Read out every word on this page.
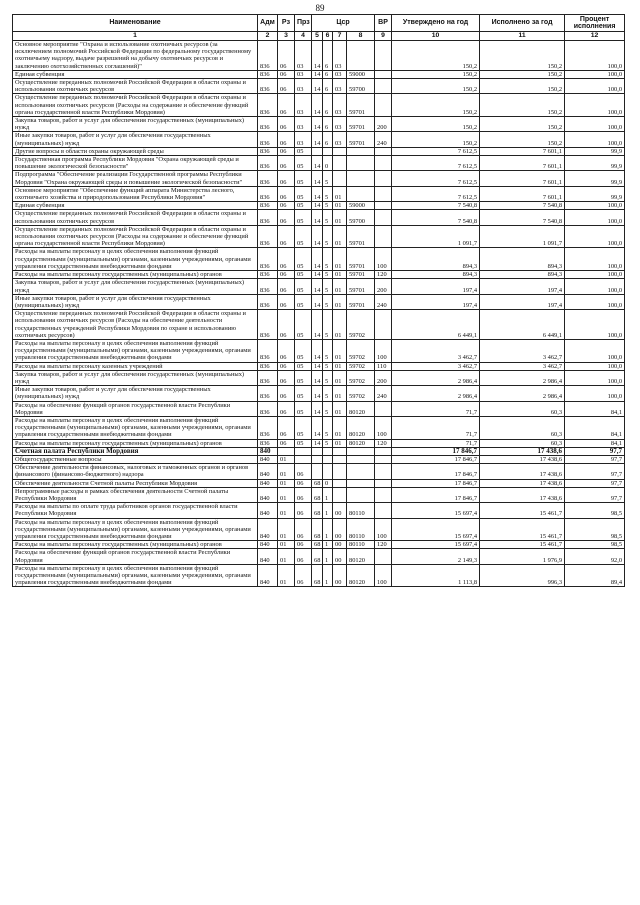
89
Наименование	Адм	Рз	Прз	Цср				ВР	Утверждено на год	Исполнено за год	Процент исполнения
1	2	3	4	5	6	7	8	9	10	11	12
Основное мероприятие "Охрана и использование охотничьих ресурсов (за исключением полномочий Российской Федерации по федеральному государственному охотничьему надзору, выдаче разрешений на добычу охотничьих ресурсов и заключению охотхозяйственных соглашений)"	836	06	03	14	6	03			150,2	150,2	100,0
Единая субвенция	836	06	03	14	6	03	59000		150,2	150,2	100,0
Осуществление переданных полномочий Российской Федерации в области охраны и использования охотничьих ресурсов	836	06	03	14	6	03	59700		150,2	150,2	100,0
Осуществление переданных полномочий Российской Федерации в области охраны и использования охотничьих ресурсов (Расходы на содержание и обеспечение функций органа государственной власти Республики Мордовия)	836	06	03	14	6	03	59701		150,2	150,2	100,0
Закупка товаров, работ и услуг для обеспечения государственных (муниципальных) нужд	836	06	03	14	6	03	59701	200	150,2	150,2	100,0
Иные закупки товаров, работ и услуг для обеспечения государственных (муниципальных) нужд	836	06	03	14	6	03	59701	240	150,2	150,2	100,0
Другие вопросы в области охраны окружающей среды	836	06	05						7 612,5	7 601,1	99,9
Государственная программа Республики Мордовия "Охрана окружающей среды и повышение экологической безопасности"	836	06	05	14	0				7 612,5	7 601,1	99,9
Подпрограмма "Обеспечение реализации Государственной программы Республики Мордовия "Охрана окружающей среды и повышение экологической безопасности"	836	06	05	14	5				7 612,5	7 601,1	99,9
Основное мероприятие "Обеспечение функций аппарата Министерства лесного, охотничьего хозяйства и природопользования Республики Мордовия"	836	06	05	14	5	01			7 612,5	7 601,1	99,9
Единая субвенция	836	06	05	14	5	01	59000		7 540,8	7 540,8	100,0
Осуществление переданных полномочий Российской Федерации в области охраны и использования охотничьих ресурсов	836	06	05	14	5	01	59700		7 540,8	7 540,8	100,0
Осуществление переданных полномочий Российской Федерации в области охраны и использования охотничьих ресурсов (Расходы на содержание и обеспечение функций органа государственной власти Республики Мордовия)	836	06	05	14	5	01	59701		1 091,7	1 091,7	100,0
Расходы на выплаты персоналу в целях обеспечения выполнения функций государственными (муниципальными) органами, казенными учреждениями, органами управления государственными внебюджетными фондами	836	06	05	14	5	01	59701	100	894,3	894,3	100,0
Расходы на выплаты персоналу государственных (муниципальных) органов	836	06	05	14	5	01	59701	120	894,3	894,3	100,0
Закупка товаров, работ и услуг для обеспечения государственных (муниципальных) нужд	836	06	05	14	5	01	59701	200	197,4	197,4	100,0
Иные закупки товаров, работ и услуг для обеспечения государственных (муниципальных) нужд	836	06	05	14	5	01	59701	240	197,4	197,4	100,0
Осуществление переданных полномочий Российской Федерации в области охраны и использования охотничьих ресурсов (Расходы на обеспечение деятельности государственных учреждений Республики Мордовия по охране и использованию охотничьих ресурсов)	836	06	05	14	5	01	59702		6 449,1	6 449,1	100,0
Расходы на выплаты персоналу в целях обеспечения выполнения функций государственными (муниципальными) органами, казенными учреждениями, органами управления государственными внебюджетными фондами	836	06	05	14	5	01	59702	100	3 462,7	3 462,7	100,0
Расходы на выплаты персоналу казенных учреждений	836	06	05	14	5	01	59702	110	3 462,7	3 462,7	100,0
Закупка товаров, работ и услуг для обеспечения государственных (муниципальных) нужд	836	06	05	14	5	01	59702	200	2 986,4	2 986,4	100,0
Иные закупки товаров, работ и услуг для обеспечения государственных (муниципальных) нужд	836	06	05	14	5	01	59702	240	2 986,4	2 986,4	100,0
Расходы на обеспечение функций органов государственной власти Республики Мордовия	836	06	05	14	5	01	80120		71,7	60,3	84,1
Расходы на выплаты персоналу в целях обеспечения выполнения функций государственными (муниципальными) органами, казенными учреждениями, органами управления государственными внебюджетными фондами	836	06	05	14	5	01	80120	100	71,7	60,3	84,1
Расходы на выплаты персоналу государственных (муниципальных) органов	836	06	05	14	5	01	80120	120	71,7	60,3	84,1
Счетная палата Республики Мордовия	840								17 846,7	17 438,6	97,7
Общегосударственные вопросы	840	01							17 846,7	17 438,6	97,7
Обеспечение деятельности финансовых, налоговых и таможенных органов и органов финансового (финансово-бюджетного) надзора	840	01	06						17 846,7	17 438,6	97,7
Обеспечение деятельности Счетной палаты Республики Мордовия	840	01	06	68	0				17 846,7	17 438,6	97,7
Непрограммные расходы в рамках обеспечения деятельности Счетной палаты Республики Мордовия	840	01	06	68	1				17 846,7	17 438,6	97,7
Расходы на выплаты по оплате труда работников органов государственной власти Республики Мордовия	840	01	06	68	1	00	80110		15 697,4	15 461,7	98,5
Расходы на выплаты персоналу в целях обеспечения выполнения функций государственными (муниципальными) органами, казенными учреждениями, органами управления государственными внебюджетными фондами	840	01	06	68	1	00	80110	100	15 697,4	15 461,7	98,5
Расходы на выплаты персоналу государственных (муниципальных) органов	840	01	06	68	1	00	80110	120	15 697,4	15 461,7	98,5
Расходы на обеспечение функций органов государственной власти Республики Мордовия	840	01	06	68	1	00	80120		2 149,3	1 976,9	92,0
Расходы на выплаты персоналу в целях обеспечения выполнения функций государственными (муниципальными) органами, казенными учреждениями, органами управления государственными внебюджетными фондами	840	01	06	68	1	00	80120	100	1 113,8	996,3	89,4
